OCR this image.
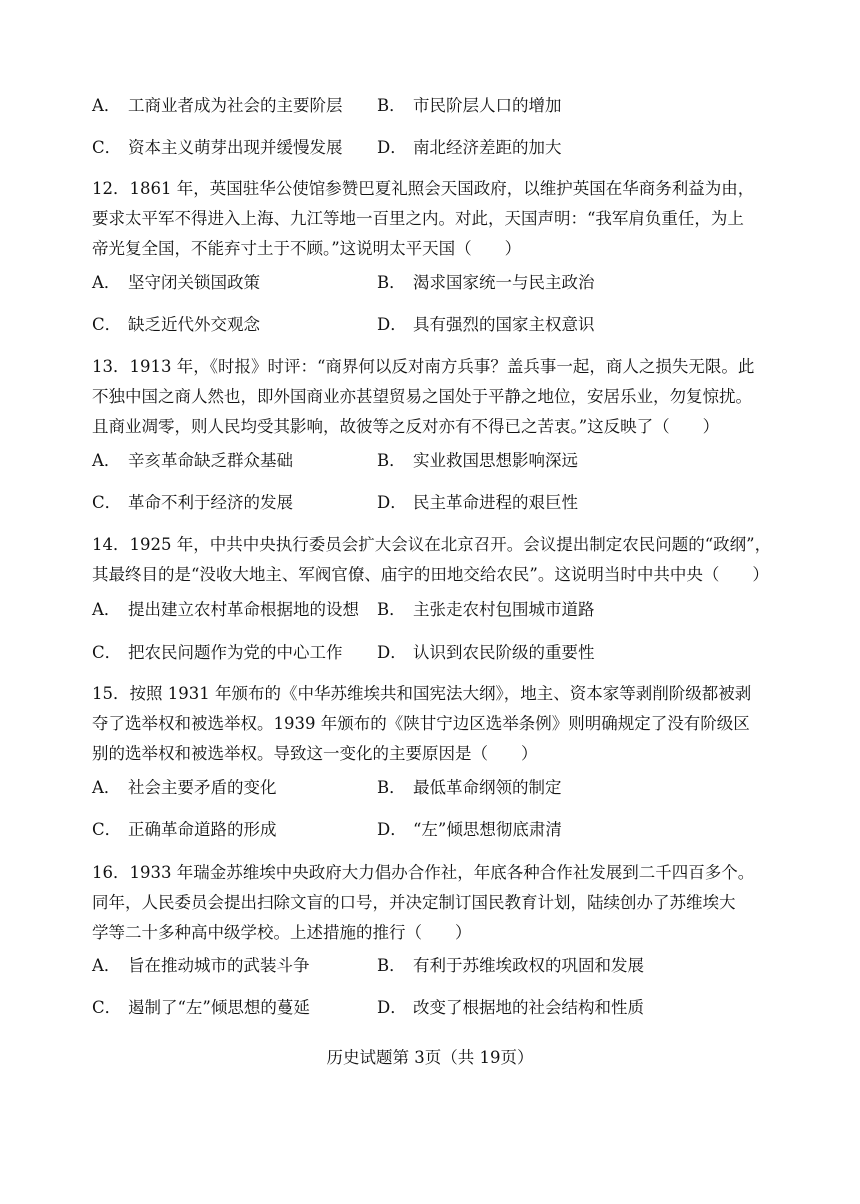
A． 工商业者成为社会的主要阶层 B． 市民阶层人口的增加
C． 资本主义萌芽出现并缓慢发展 D． 南北经济差距的加大

12．1861 年，英国驻华公使馆参赞巴夏礼照会天国政府，以维护英国在华商务利益为由，

要求太平军不得进入上海、九江等地一百里之内。对此，天国声明：“我军肩负重任，为上

帝光复全国，不能弃寸土于不顾。”这说明太平天国（　　）

A． 坚守闭关锁国政策	B． 渴求国家统一与民主政治
C． 缺乏近代外交观念	D． 具有强烈的国家主权意识

13．1913 年，《时报》时评：“商界何以反对南方兵事？盖兵事一起，商人之损失无限。此

不独中国之商人然也，即外国商业亦甚望贸易之国处于平静之地位，安居乐业，勿复惊扰。

且商业凋零，则人民均受其影响，故彼等之反对亦有不得已之苦衷。”这反映了（　　）

A． 辛亥革命缺乏群众基础	B． 实业救国思想影响深远
C． 革命不利于经济的发展	D． 民主革命进程的艰巨性

14．1925 年，中共中央执行委员会扩大会议在北京召开。会议提出制定农民问题的“政纲”，

其最终目的是“没收大地主、军阀官僚、庙宇的田地交给农民”。这说明当时中共中央（　　）

A． 提出建立农村革命根据地的设想 B． 主张走农村包围城市道路
C． 把农民问题作为党的中心工作 D． 认识到农民阶级的重要性

15．按照 1931 年颁布的《中华苏维埃共和国宪法大纲》，地主、资本家等剥削阶级都被剥

夺了选举权和被选举权。1939 年颁布的《陕甘宁边区选举条例》则明确规定了没有阶级区

别的选举权和被选举权。导致这一变化的主要原因是（　　）

A． 社会主要矛盾的变化	B． 最低革命纲领的制定
C． 正确革命道路的形成	D． “左”倾思想彻底肃清

16．1933 年瑞金苏维埃中央政府大力倡办合作社，年底各种合作社发展到二千四百多个。

同年，人民委员会提出扫除文盲的口号，并决定制订国民教育计划，陆续创办了苏维埃大

学等二十多种高中级学校。上述措施的推行（　　）

A． 旨在推动城市的武装斗争	B． 有利于苏维埃政权的巩固和发展
C． 遏制了“左”倾思想的蔓延	D． 改变了根据地的社会结构和性质
历史试题第 3页（共 19页）
